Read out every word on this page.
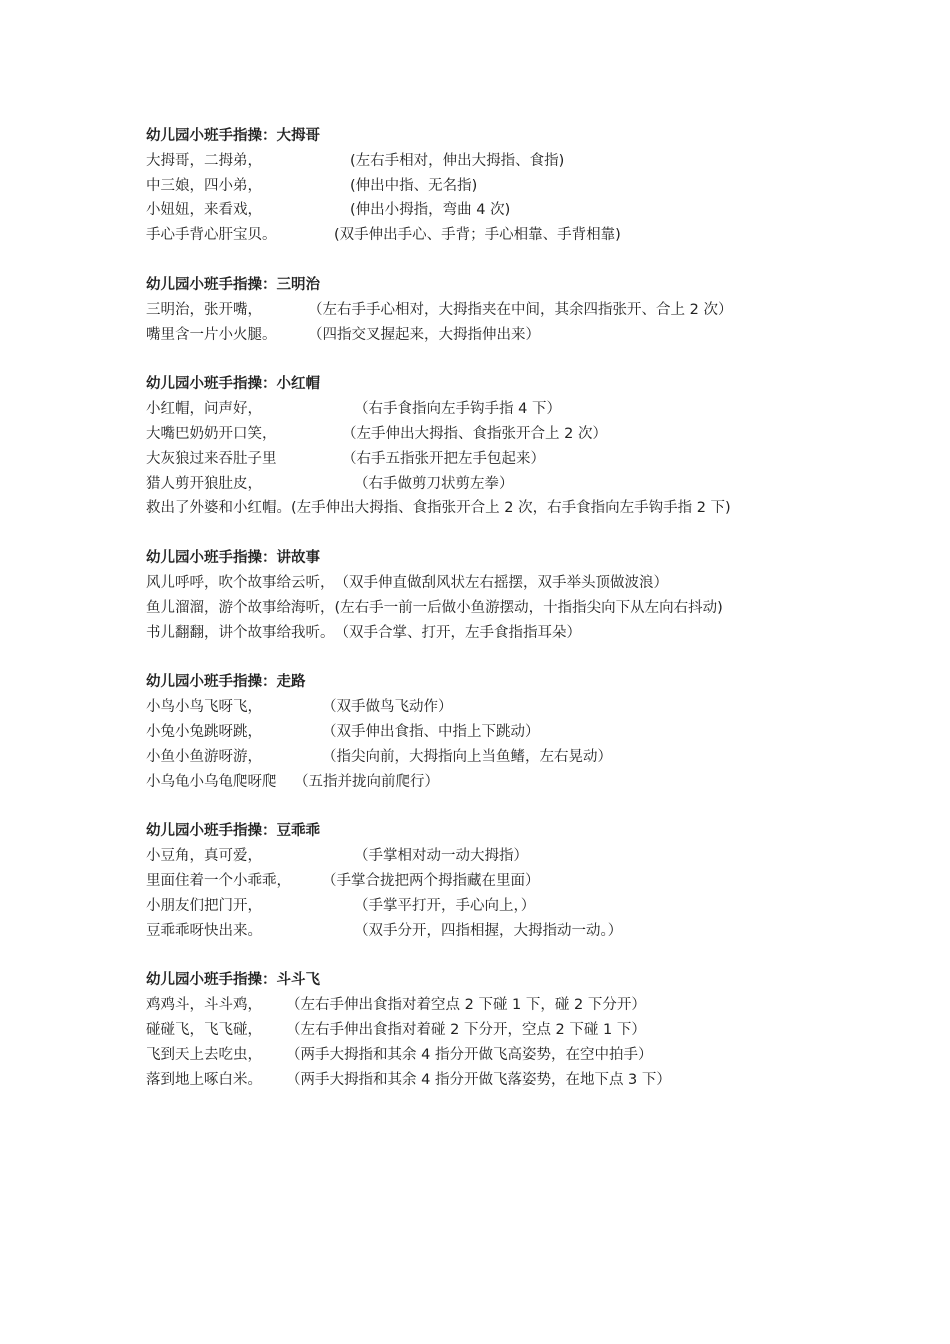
幼儿园小班手指操：大拇哥
大拇哥，二拇弟，	(左右手相对，伸出大拇指、食指)
中三娘，四小弟，	(伸出中指、无名指)
小妞妞，来看戏，	(伸出小拇指，弯曲 4 次)
手心手背心肝宝贝。	(双手伸出手心、手背；手心相靠、手背相靠)
幼儿园小班手指操：三明治
三明治，张开嘴，	（左右手手心相对，大拇指夹在中间，其余四指张开、合上 2 次）
嘴里含一片小火腿。 （四指交叉握起来，大拇指伸出来）
幼儿园小班手指操：小红帽
小红帽，问声好，	（右手食指向左手钩手指 4 下）
大嘴巴奶奶开口笑，	（左手伸出大拇指、食指张开合上 2 次）
大灰狼过来吞肚子里	（右手五指张开把左手包起来）
猎人剪开狼肚皮，	（右手做剪刀状剪左拳）
救出了外婆和小红帽。(左手伸出大拇指、食指张开合上 2 次，右手食指向左手钩手指 2 下)
幼儿园小班手指操：讲故事
风儿呼呼，吹个故事给云听，（双手伸直做刮风状左右摇摆，双手举头顶做波浪）
鱼儿溜溜，游个故事给海听，(左右手一前一后做小鱼游摆动，十指指尖向下从左向右抖动)
书儿翻翻，讲个故事给我听。（双手合掌、打开，左手食指指耳朵）
幼儿园小班手指操：走路
小鸟小鸟飞呀飞，	（双手做鸟飞动作）
小兔小兔跳呀跳，	（双手伸出食指、中指上下跳动）
小鱼小鱼游呀游，	（指尖向前，大拇指向上当鱼鳍，左右晃动）
小乌龟小乌龟爬呀爬 （五指并拢向前爬行）
幼儿园小班手指操：豆乖乖
小豆角，真可爱，	（手掌相对动一动大拇指）
里面住着一个小乖乖， （手掌合拢把两个拇指藏在里面）
小朋友们把门开，	（手掌平打开，手心向上，）
豆乖乖呀快出来。	（双手分开，四指相握，大拇指动一动。）
幼儿园小班手指操：斗斗飞
鸡鸡斗，斗斗鸡， （左右手伸出食指对着空点 2 下碰 1 下，碰 2 下分开）
碰碰飞，飞飞碰， （左右手伸出食指对着碰 2 下分开，空点 2 下碰 1 下）
飞到天上去吃虫， （两手大拇指和其余 4 指分开做飞高姿势，在空中拍手）
落到地上啄白米。 （两手大拇指和其余 4 指分开做飞落姿势，在地下点 3 下）
